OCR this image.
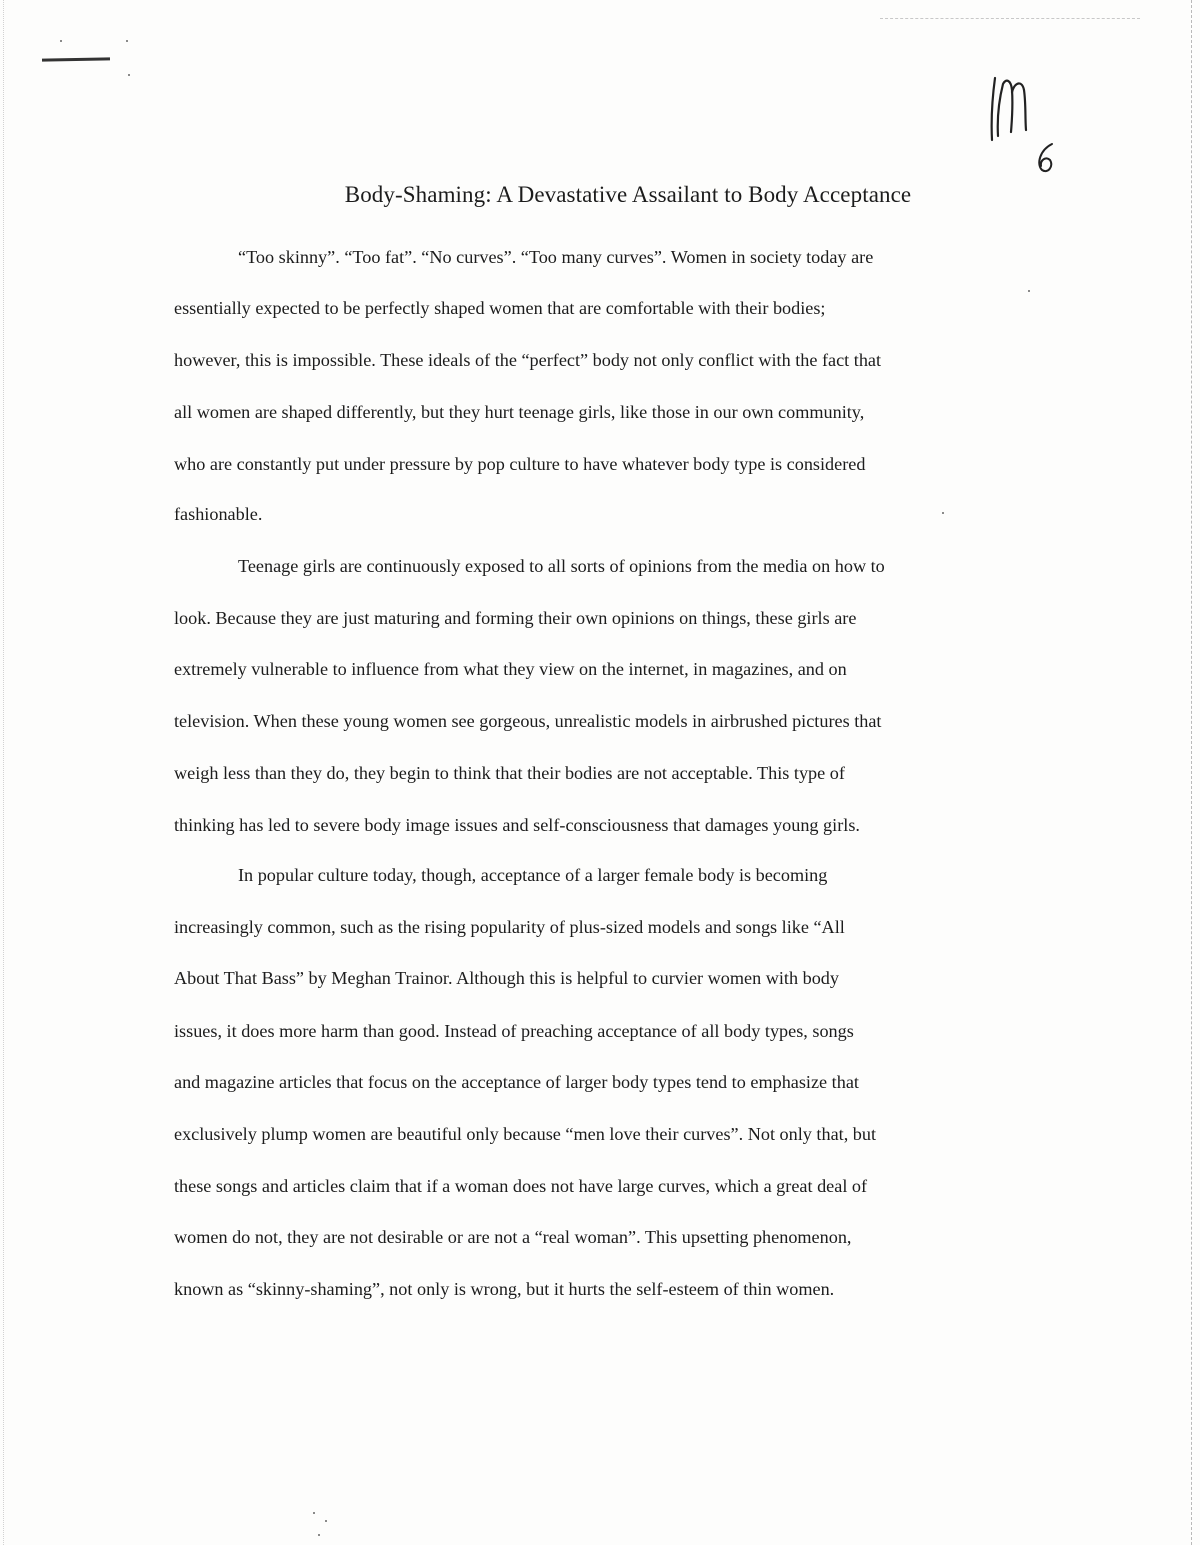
Body-Shaming: A Devastative Assailant to Body Acceptance
“Too skinny”. “Too fat”. “No curves”. “Too many curves”. Women in society today are
essentially expected to be perfectly shaped women that are comfortable with their bodies;
however, this is impossible. These ideals of the “perfect” body not only conflict with the fact that
all women are shaped differently, but they hurt teenage girls, like those in our own community,
who are constantly put under pressure by pop culture to have whatever body type is considered
fashionable.
Teenage girls are continuously exposed to all sorts of opinions from the media on how to
look. Because they are just maturing and forming their own opinions on things, these girls are
extremely vulnerable to influence from what they view on the internet, in magazines, and on
television. When these young women see gorgeous, unrealistic models in airbrushed pictures that
weigh less than they do, they begin to think that their bodies are not acceptable. This type of
thinking has led to severe body image issues and self-consciousness that damages young girls.
In popular culture today, though, acceptance of a larger female body is becoming
increasingly common, such as the rising popularity of plus-sized models and songs like “All
About That Bass” by Meghan Trainor. Although this is helpful to curvier women with body
issues, it does more harm than good. Instead of preaching acceptance of all body types, songs
and magazine articles that focus on the acceptance of larger body types tend to emphasize that
exclusively plump women are beautiful only because “men love their curves”. Not only that, but
these songs and articles claim that if a woman does not have large curves, which a great deal of
women do not, they are not desirable or are not a “real woman”. This upsetting phenomenon,
known as “skinny-shaming”, not only is wrong, but it hurts the self-esteem of thin women.
